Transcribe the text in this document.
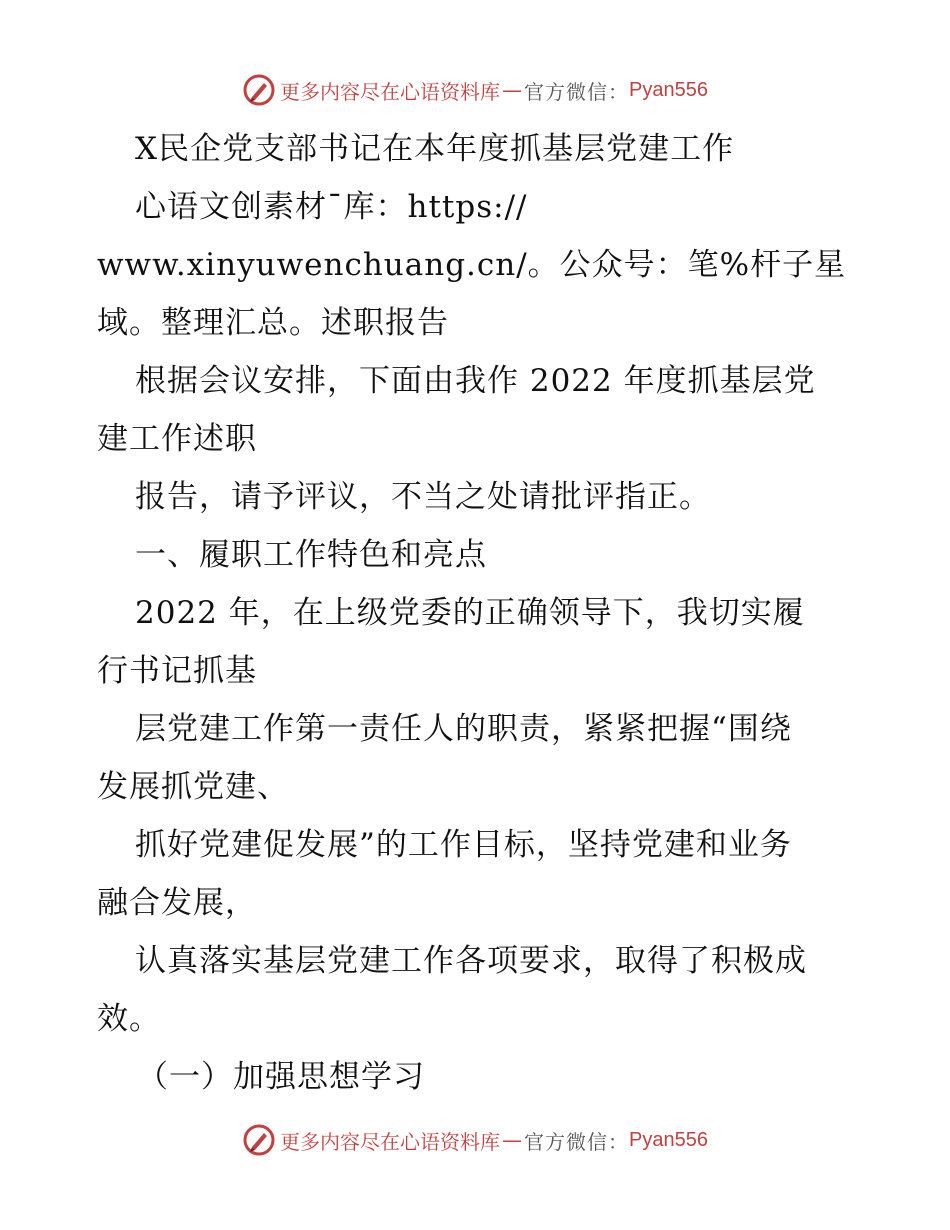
更多内容尽在心语资料库 — 官方微信： Pyan556
X民企党支部书记在本年度抓基层党建工作
心语文创素材¯库：https://
www.xinyuwenchuang.cn/。公众号：笔%杆子星
域。整理汇总。述职报告
根据会议安排，下面由我作 2022 年度抓基层党
建工作述职
报告，请予评议，不当之处请批评指正。
一、履职工作特色和亮点
2022 年，在上级党委的正确领导下，我切实履
行书记抓基
层党建工作第一责任人的职责，紧紧把握“围绕
发展抓党建、
抓好党建促发展”的工作目标，坚持党建和业务
融合发展，
认真落实基层党建工作各项要求，取得了积极成
效。
（一）加强思想学习
更多内容尽在心语资料库 — 官方微信： Pyan556
